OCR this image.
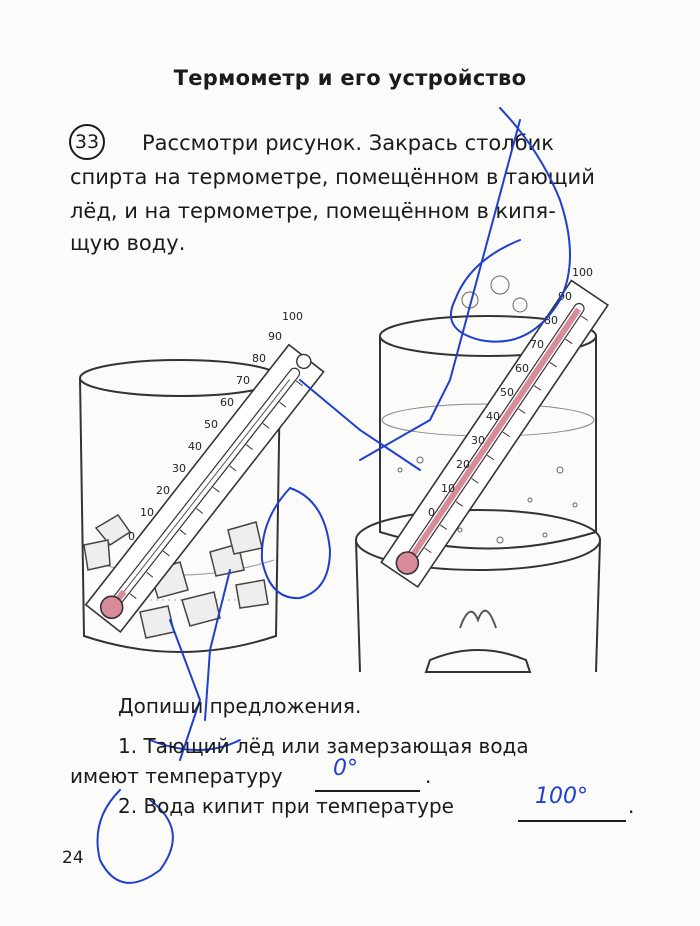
Термометр и его устройство
33 Рассмотри рисунок. Закрась столбик
спирта на термометре, помещённом в тающий
лёд, и на термометре, помещённом в кипя-
щую воду.
100
90
80
70
60
50
40
30
20
10
0
100
90
80
70
60
50
40
30
20
10
0
Допиши предложения.
1. Тающий лёд или замерзающая вода
имеют температуру 0°	.
2. Вода кипит при температуре	100° .
24
